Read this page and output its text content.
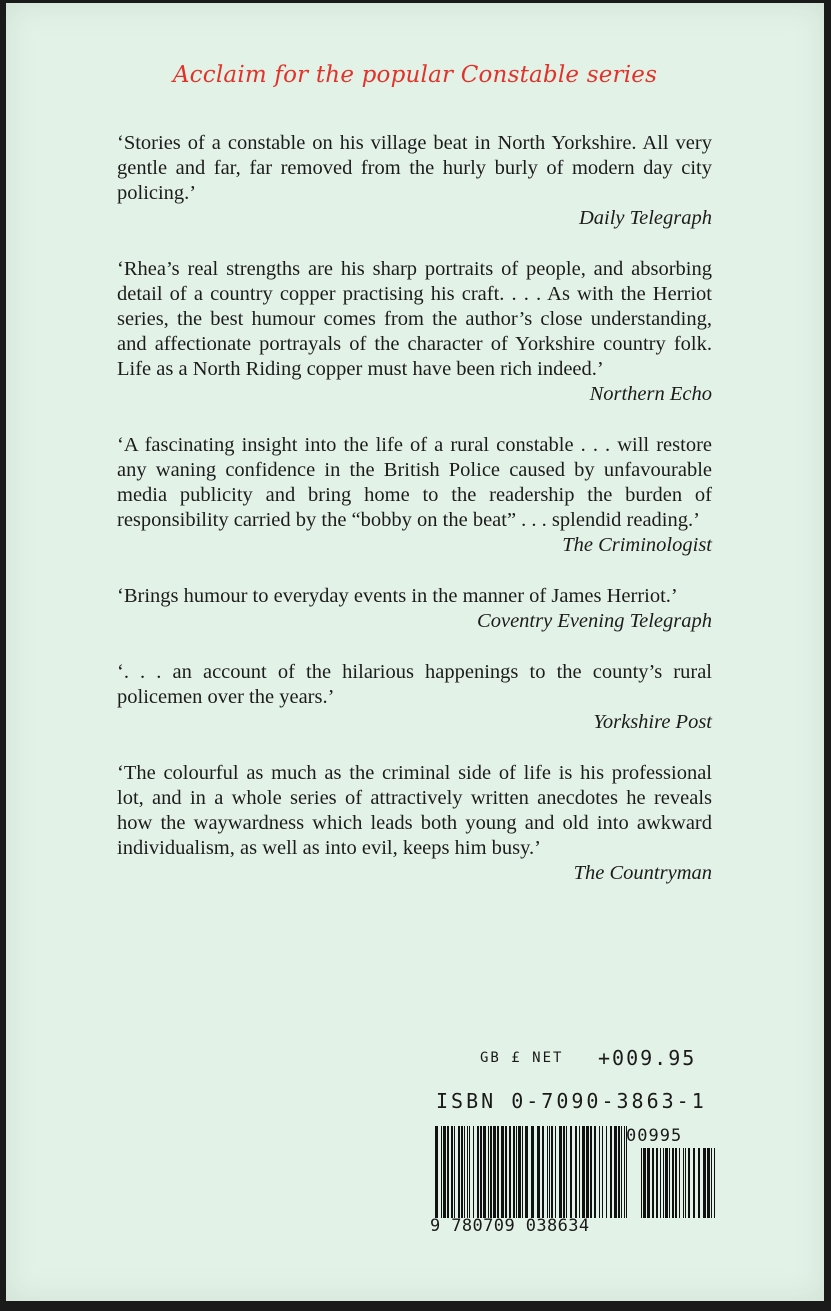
Acclaim for the popular Constable series

‘Stories of a constable on his village beat in North Yorkshire. All very gentle and far, far removed from the hurly burly of modern day city policing.’

Daily Telegraph

‘Rhea’s real strengths are his sharp portraits of people, and absorbing detail of a country copper practising his craft. . . . As with the Herriot series, the best humour comes from the author’s close understanding, and affectionate portrayals of the character of Yorkshire country folk. Life as a North Riding copper must have been rich indeed.’

Northern Echo

‘A fascinating insight into the life of a rural constable . . . will restore any waning confidence in the British Police caused by unfavourable media publicity and bring home to the readership the burden of responsibility carried by the “bobby on the beat” . . . splendid reading.’

The Criminologist

‘Brings humour to everyday events in the manner of James Herriot.’

Coventry Evening Telegraph

‘. . . an account of the hilarious happenings to the county’s rural policemen over the years.’

Yorkshire Post

‘The colourful as much as the criminal side of life is his professional lot, and in a whole series of attractively written anecdotes he reveals how the waywardness which leads both young and old into awkward individualism, as well as into evil, keeps him busy.’

The Countryman

GB £ NET +009.95
ISBN 0-7090-3863-1
00995
9 780709 038634
